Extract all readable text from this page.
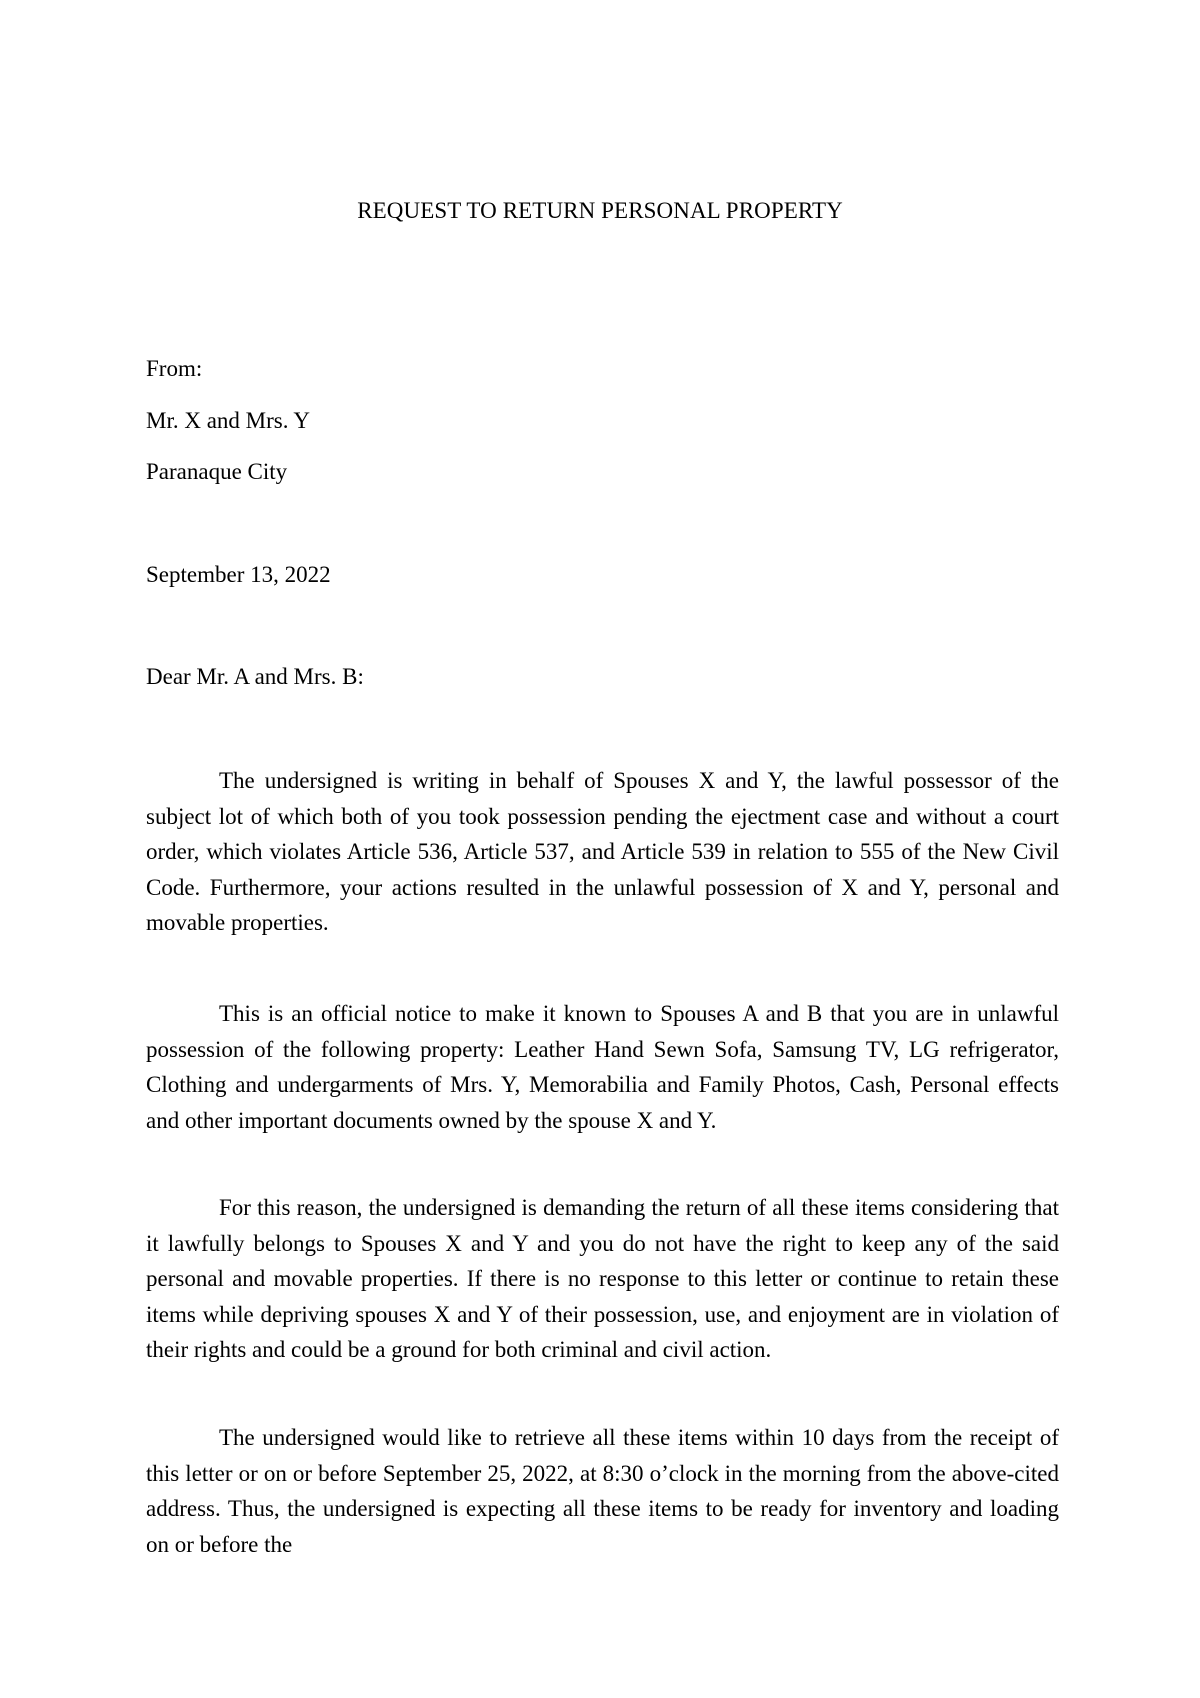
REQUEST TO RETURN PERSONAL PROPERTY
From:
Mr. X and Mrs. Y
Paranaque City
September 13, 2022
Dear Mr. A and Mrs. B:

The undersigned is writing in behalf of Spouses X and Y, the lawful possessor of the subject lot of which both of you took possession pending the ejectment case and without a court order, which violates Article 536, Article 537, and Article 539 in relation to 555 of the New Civil Code. Furthermore, your actions resulted in the unlawful possession of X and Y, personal and movable properties.

This is an official notice to make it known to Spouses A and B that you are in unlawful possession of the following property: Leather Hand Sewn Sofa, Samsung TV, LG refrigerator, Clothing and undergarments of Mrs. Y, Memorabilia and Family Photos, Cash, Personal effects and other important documents owned by the spouse X and Y.

For this reason, the undersigned is demanding the return of all these items considering that it lawfully belongs to Spouses X and Y and you do not have the right to keep any of the said personal and movable properties. If there is no response to this letter or continue to retain these items while depriving spouses X and Y of their possession, use, and enjoyment are in violation of their rights and could be a ground for both criminal and civil action.

The undersigned would like to retrieve all these items within 10 days from the receipt of this letter or on or before September 25, 2022, at 8:30 o’clock in the morning from the above-cited address. Thus, the undersigned is expecting all these items to be ready for inventory and loading on or before the
